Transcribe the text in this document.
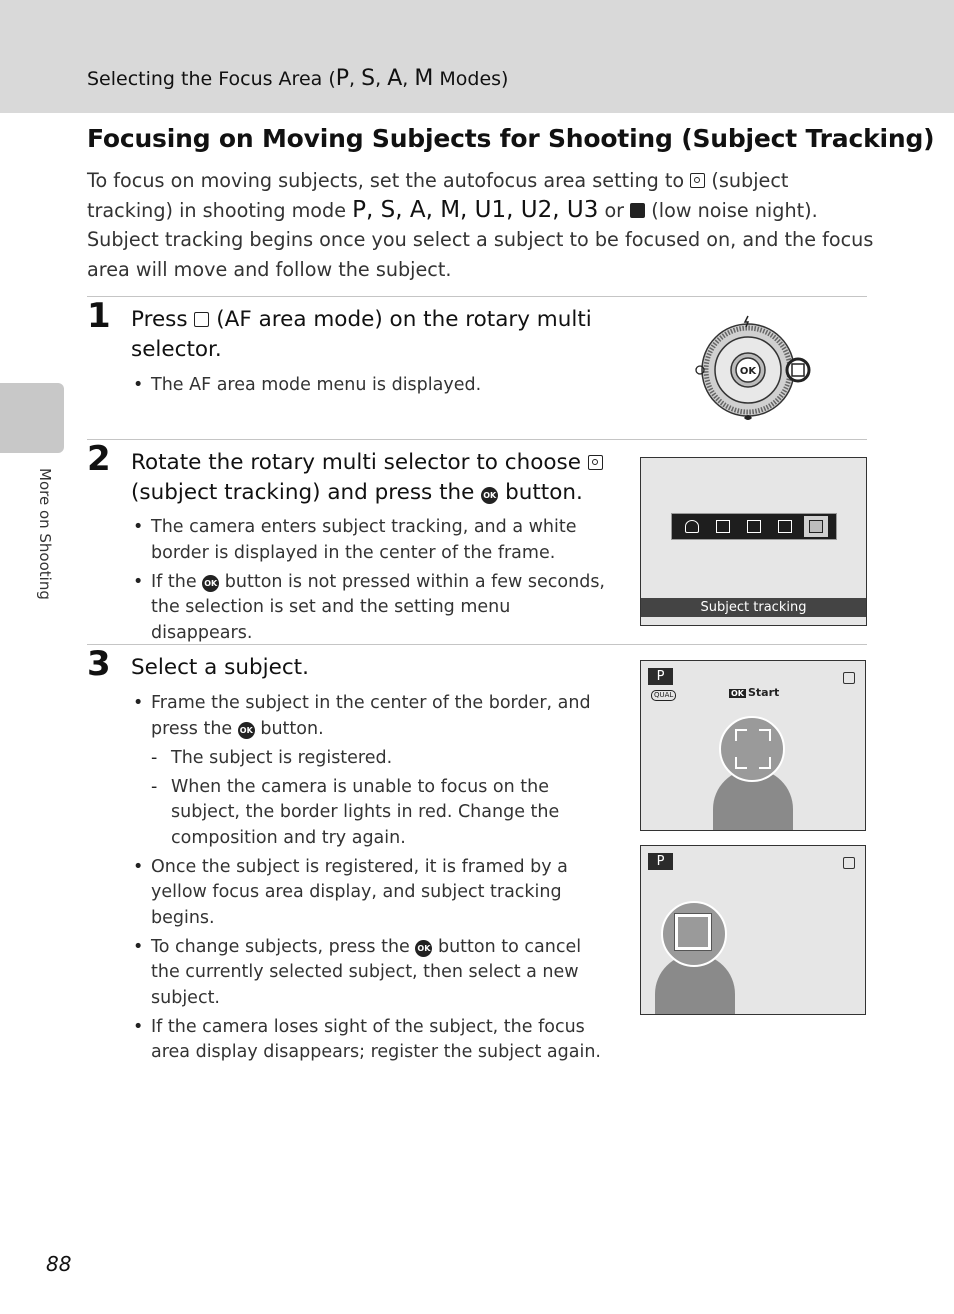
Selecting the Focus Area (P, S, A, M Modes)
Focusing on Moving Subjects for Shooting (Subject Tracking)
To focus on moving subjects, set the autofocus area setting to (subject tracking) in shooting mode P, S, A, M, U1, U2, U3 or (low noise night). Subject tracking begins once you select a subject to be focused on, and the focus area will move and follow the subject.
More on Shooting
1 Press (AF area mode) on the rotary multi selector.
• The AF area mode menu is displayed.
OK
2 Rotate the rotary multi selector to choose  (subject tracking) and press the OK button.
• The camera enters subject tracking, and a white border is displayed in the center of the frame.
• If the OK button is not pressed within a few seconds, the selection is set and the setting menu disappears.
Subject tracking
3 Select a subject.
• Frame the subject in the center of the border, and press the OK button.
- The subject is registered.
- When the camera is unable to focus on the subject, the border lights in red. Change the composition and try again.
• Once the subject is registered, it is framed by a yellow focus area display, and subject tracking begins.
• To change subjects, press the OK button to cancel the currently selected subject, then select a new subject.
• If the camera loses sight of the subject, the focus area display disappears; register the subject again.
P
QUAL	OK Start
P
88
